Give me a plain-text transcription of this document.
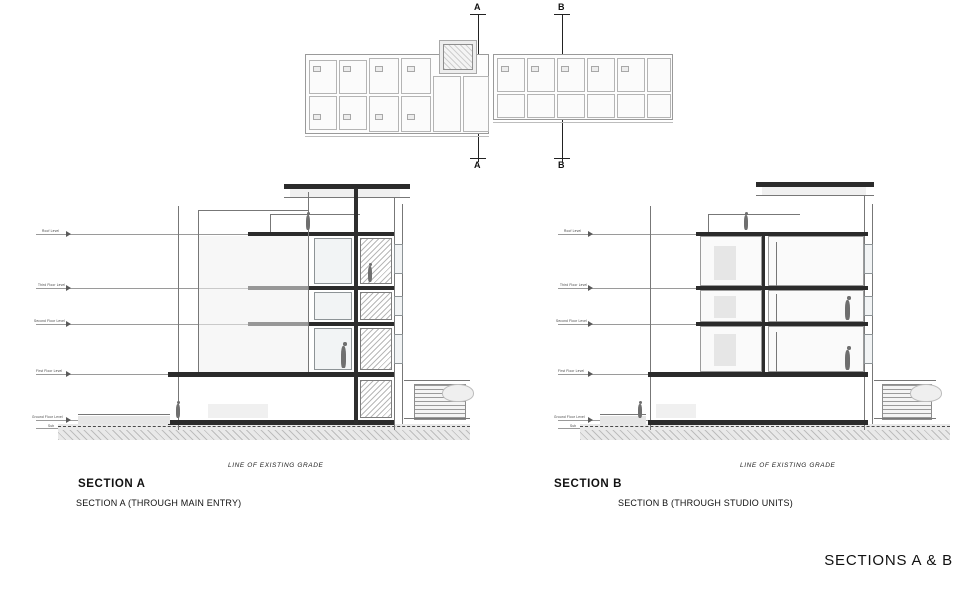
A	B
A	B
Roof Level
Third Floor Level
Second Floor Level
First Floor Level
Ground Floor Level
Sub
LINE OF EXISTING GRADE
SECTION A
SECTION A (THROUGH MAIN ENTRY)
Roof Level
Third Floor Level
Second Floor Level
First Floor Level
Ground Floor Level
Sub
LINE OF EXISTING GRADE
SECTION B
SECTION B (THROUGH STUDIO UNITS)
SECTIONS A & B
